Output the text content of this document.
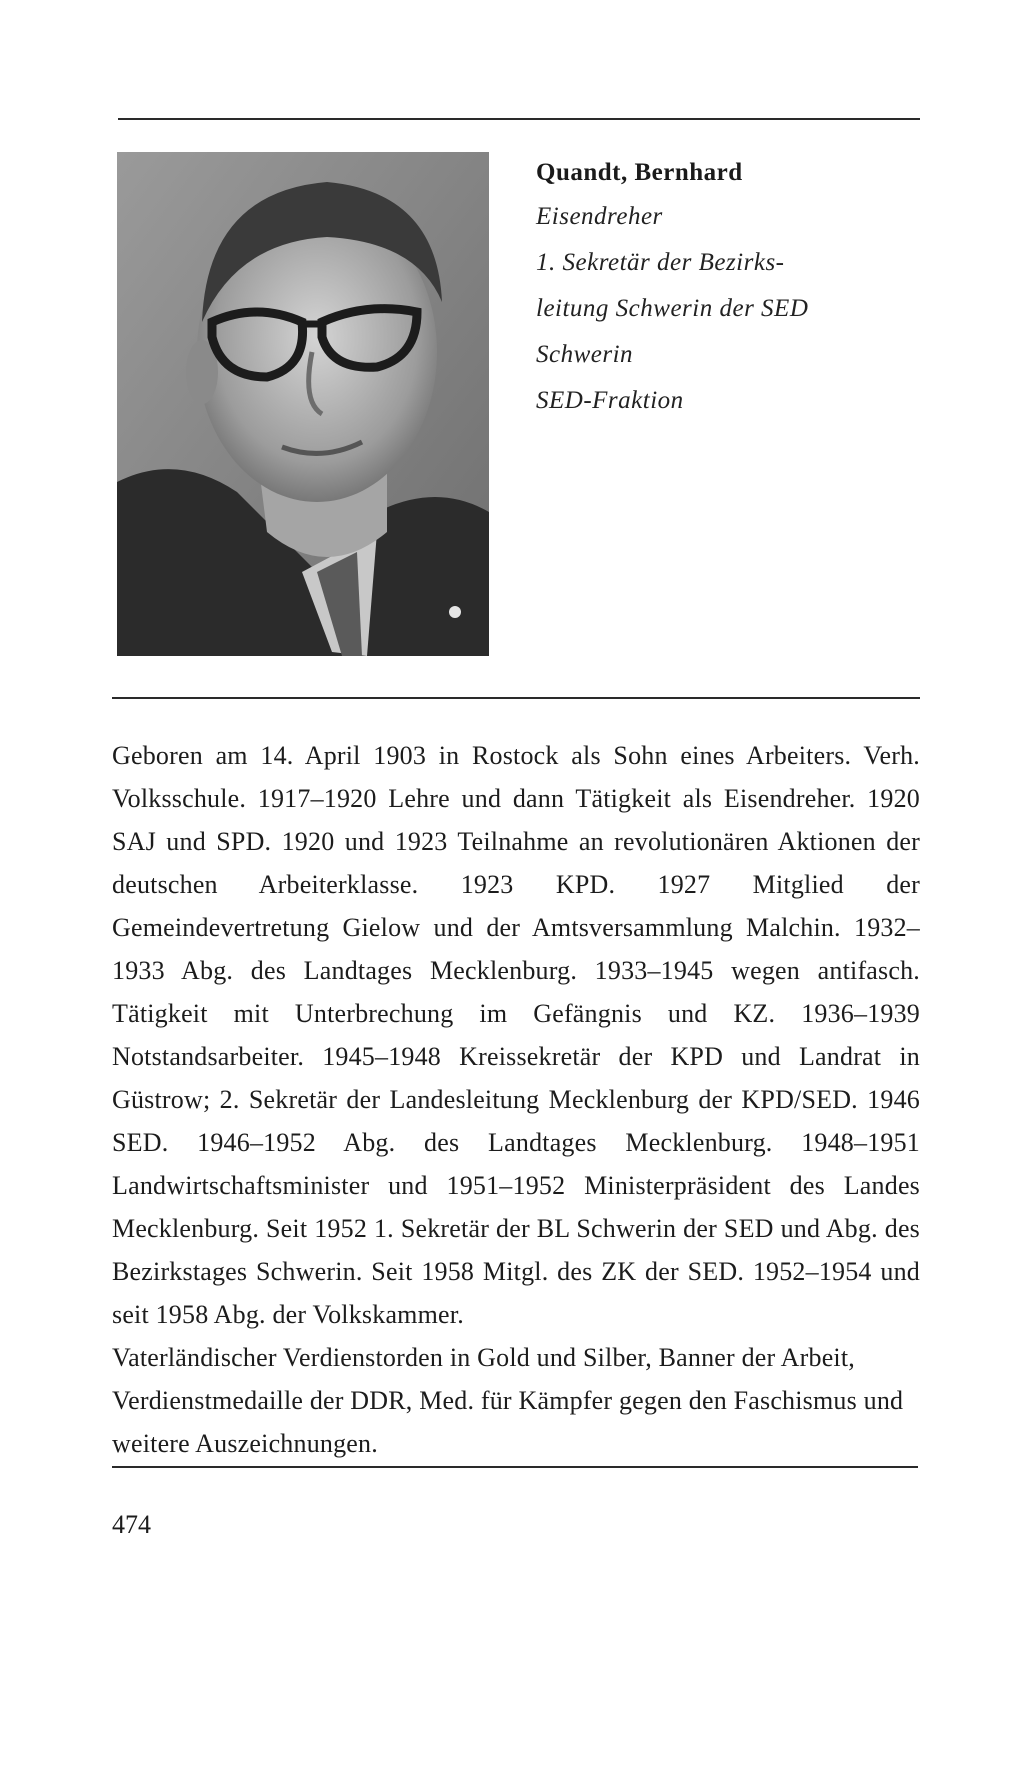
Quandt, Bernhard

Eisendreher

1. Sekretär der Bezirks-

leitung Schwerin der SED

Schwerin

SED-Fraktion

Geboren am 14. April 1903 in Rostock als Sohn eines Arbeiters. Verh. Volksschule. 1917–1920 Lehre und dann Tätigkeit als Eisendreher. 1920 SAJ und SPD. 1920 und 1923 Teilnahme an revolutionären Aktionen der deutschen Arbeiterklasse. 1923 KPD. 1927 Mitglied der Gemeindevertretung Gielow und der Amtsversammlung Malchin. 1932–1933 Abg. des Landtages Mecklenburg. 1933–1945 wegen antifasch. Tätigkeit mit Unterbrechung im Gefängnis und KZ. 1936–1939 Notstandsarbeiter. 1945–1948 Kreissekretär der KPD und Landrat in Güstrow; 2. Sekretär der Landesleitung Mecklenburg der KPD/SED. 1946 SED. 1946–1952 Abg. des Landtages Mecklenburg. 1948–1951 Landwirtschaftsminister und 1951–1952 Ministerpräsident des Landes Mecklenburg. Seit 1952 1. Sekretär der BL Schwerin der SED und Abg. des Bezirkstages Schwerin. Seit 1958 Mitgl. des ZK der SED. 1952–1954 und seit 1958 Abg. der Volkskammer.

Vaterländischer Verdienstorden in Gold und Silber, Banner der Arbeit, Verdienstmedaille der DDR, Med. für Kämpfer gegen den Faschismus und weitere Auszeichnungen.

474
